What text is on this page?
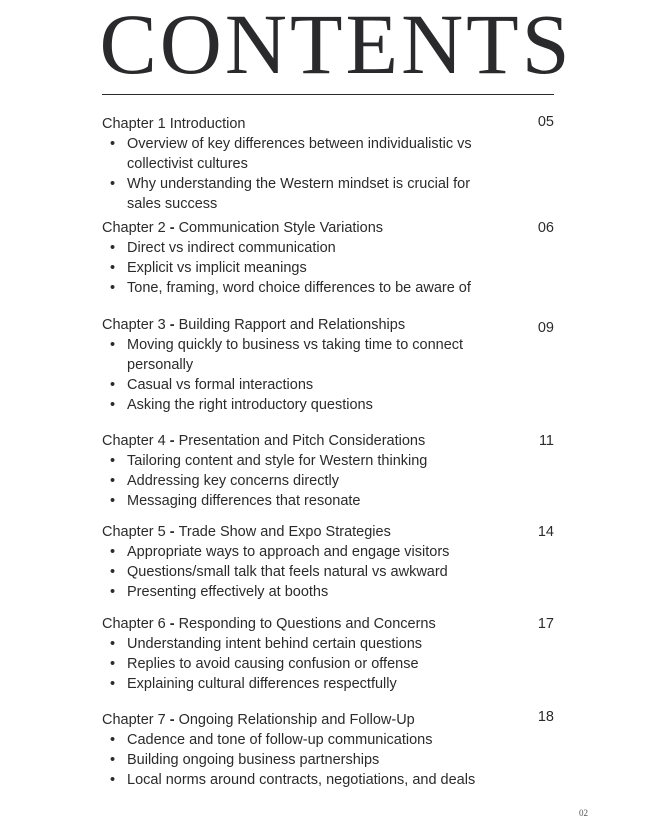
CONTENTS
05
Chapter 1 Introduction
• Overview of key differences between individualistic vs collectivist cultures
• Why understanding the Western mindset is crucial for sales success
06
Chapter 2 - Communication Style Variations
• Direct vs indirect communication
• Explicit vs implicit meanings
• Tone, framing, word choice differences to be aware of
09
Chapter 3 - Building Rapport and Relationships
• Moving quickly to business vs taking time to connect personally
• Casual vs formal interactions
• Asking the right introductory questions
11
Chapter 4 - Presentation and Pitch Considerations
• Tailoring content and style for Western thinking
• Addressing key concerns directly
• Messaging differences that resonate
14
Chapter 5 - Trade Show and Expo Strategies
• Appropriate ways to approach and engage visitors
• Questions/small talk that feels natural vs awkward
• Presenting effectively at booths
17
Chapter 6 - Responding to Questions and Concerns
• Understanding intent behind certain questions
• Replies to avoid causing confusion or offense
• Explaining cultural differences respectfully
18
Chapter 7 - Ongoing Relationship and Follow-Up
• Cadence and tone of follow-up communications
• Building ongoing business partnerships
• Local norms around contracts, negotiations, and deals
02
